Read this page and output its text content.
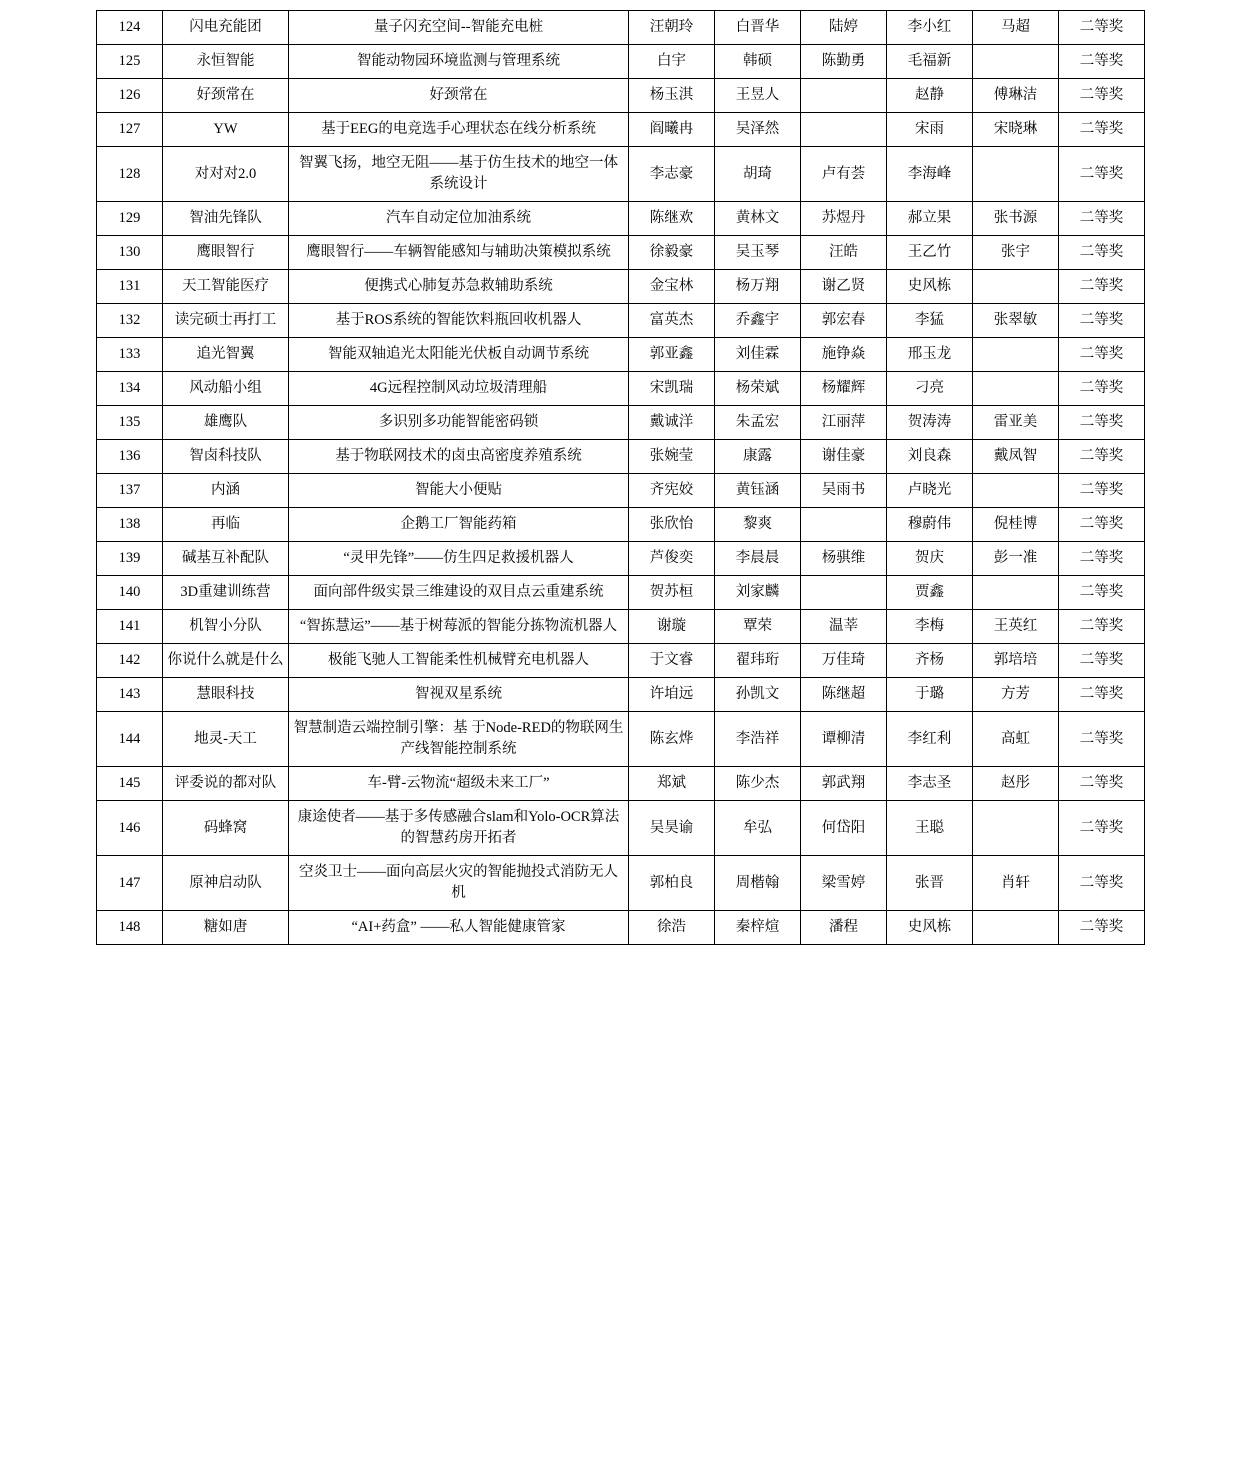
124	闪电充能团	量子闪充空间--智能充电桩	汪朝玲	白晋华	陆婷	李小红	马超	二等奖
125	永恒智能	智能动物园环境监测与管理系统	白宇	韩硕	陈勤勇	毛福新		二等奖
126	好颈常在	好颈常在	杨玉淇	王昱人		赵静	傅琳洁	二等奖
127	YW	基于EEG的电竞选手心理状态在线分析系统	阎曦冉	吴泽然		宋雨	宋晓琳	二等奖
128	对对对2.0	智翼飞扬，地空无阻——基于仿生技术的地空一体系统设计	李志豪	胡琦	卢有荟	李海峰		二等奖
129	智油先锋队	汽车自动定位加油系统	陈继欢	黄林文	苏煜丹	郝立果	张书源	二等奖
130	鹰眼智行	鹰眼智行——车辆智能感知与辅助决策模拟系统	徐毅豪	吴玉琴	汪皓	王乙竹	张宇	二等奖
131	天工智能医疗	便携式心肺复苏急救辅助系统	金宝林	杨万翔	谢乙贤	史风栋		二等奖
132	读完硕士再打工	基于ROS系统的智能饮料瓶回收机器人	富英杰	乔鑫宇	郭宏春	李猛	张翠敏	二等奖
133	追光智翼	智能双轴追光太阳能光伏板自动调节系统	郭亚鑫	刘佳霖	施铮焱	邢玉龙		二等奖
134	风动船小组	4G远程控制风动垃圾清理船	宋凯瑞	杨荣斌	杨耀辉	刁亮		二等奖
135	雄鹰队	多识别多功能智能密码锁	戴诚洋	朱孟宏	江丽萍	贺涛涛	雷亚美	二等奖
136	智卤科技队	基于物联网技术的卤虫高密度养殖系统	张婉莹	康露	谢佳豪	刘良森	戴凤智	二等奖
137	内涵	智能大小便贴	齐宪姣	黄钰涵	吴雨书	卢晓光		二等奖
138	再临	企鹅工厂智能药箱	张欣怡	黎爽		穆蔚伟	倪桂博	二等奖
139	碱基互补配队	“灵甲先锋”——仿生四足救援机器人	芦俊奕	李晨晨	杨骐维	贺庆	彭一准	二等奖
140	3D重建训练营	面向部件级实景三维建设的双目点云重建系统	贺苏桓	刘家麟		贾鑫		二等奖
141	机智小分队	“智拣慧运”——基于树莓派的智能分拣物流机器人	谢璇	覃荣	温莘	李梅	王英红	二等奖
142	你说什么就是什么	极能飞驰人工智能柔性机械臂充电机器人	于文睿	翟玮珩	万佳琦	齐杨	郭培培	二等奖
143	慧眼科技	智视双星系统	许垍远	孙凯文	陈继超	于璐	方芳	二等奖
144	地灵-天工	智慧制造云端控制引擎：基 于Node-RED的物联网生产线智能控制系统	陈玄烨	李浩祥	谭柳清	李红利	高虹	二等奖
145	评委说的都对队	车-臂-云物流“超级未来工厂”	郑斌	陈少杰	郭武翔	李志圣	赵彤	二等奖
146	码蜂窝	康途使者——基于多传感融合slam和Yolo-OCR算法的智慧药房开拓者	吴昊谕	牟弘	何岱阳	王聪		二等奖
147	原神启动队	空炎卫士——面向高层火灾的智能抛投式消防无人机	郭柏良	周楷翰	梁雪婷	张晋	肖轩	二等奖
148	糖如唐	“AI+药盒” ——私人智能健康管家	徐浩	秦梓煊	潘程	史风栋		二等奖
